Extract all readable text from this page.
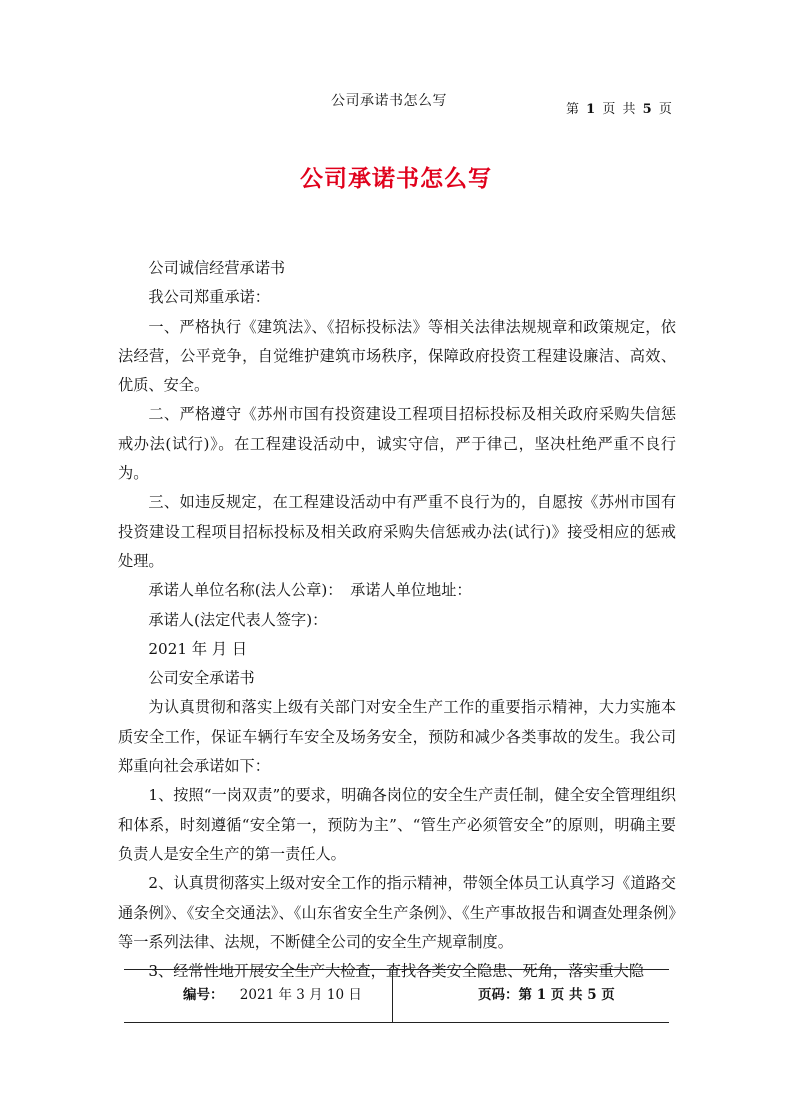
公司承诺书怎么写
第 1 页 共 5 页
公司承诺书怎么写

公司诚信经营承诺书

我公司郑重承诺：

一、严格执行《建筑法》、《招标投标法》等相关法律法规规章和政策规定，依法经营，公平竞争，自觉维护建筑市场秩序，保障政府投资工程建设廉洁、高效、优质、安全。

二、严格遵守《苏州市国有投资建设工程项目招标投标及相关政府采购失信惩戒办法(试行)》。在工程建设活动中，诚实守信，严于律己，坚决杜绝严重不良行为。

三、如违反规定，在工程建设活动中有严重不良行为的，自愿按《苏州市国有投资建设工程项目招标投标及相关政府采购失信惩戒办法(试行)》接受相应的惩戒处理。

承诺人单位名称(法人公章)：　承诺人单位地址：

承诺人(法定代表人签字)：

2021 年 月 日

公司安全承诺书

为认真贯彻和落实上级有关部门对安全生产工作的重要指示精神，大力实施本质安全工作，保证车辆行车安全及场务安全，预防和减少各类事故的发生。我公司郑重向社会承诺如下：

1、按照“一岗双责”的要求，明确各岗位的安全生产责任制，健全安全管理组织和体系，时刻遵循“安全第一，预防为主”、“管生产必须管安全”的原则，明确主要负责人是安全生产的第一责任人。

2、认真贯彻落实上级对安全工作的指示精神，带领全体员工认真学习《道路交通条例》、《安全交通法》、《山东省安全生产条例》、《生产事故报告和调查处理条例》等一系列法律、法规，不断健全公司的安全生产规章制度。

3、经常性地开展安全生产大检查，查找各类安全隐患、死角，落实重大隐

编号： 2021 年 3 月 10 日	页码：第 1 页 共 5 页
